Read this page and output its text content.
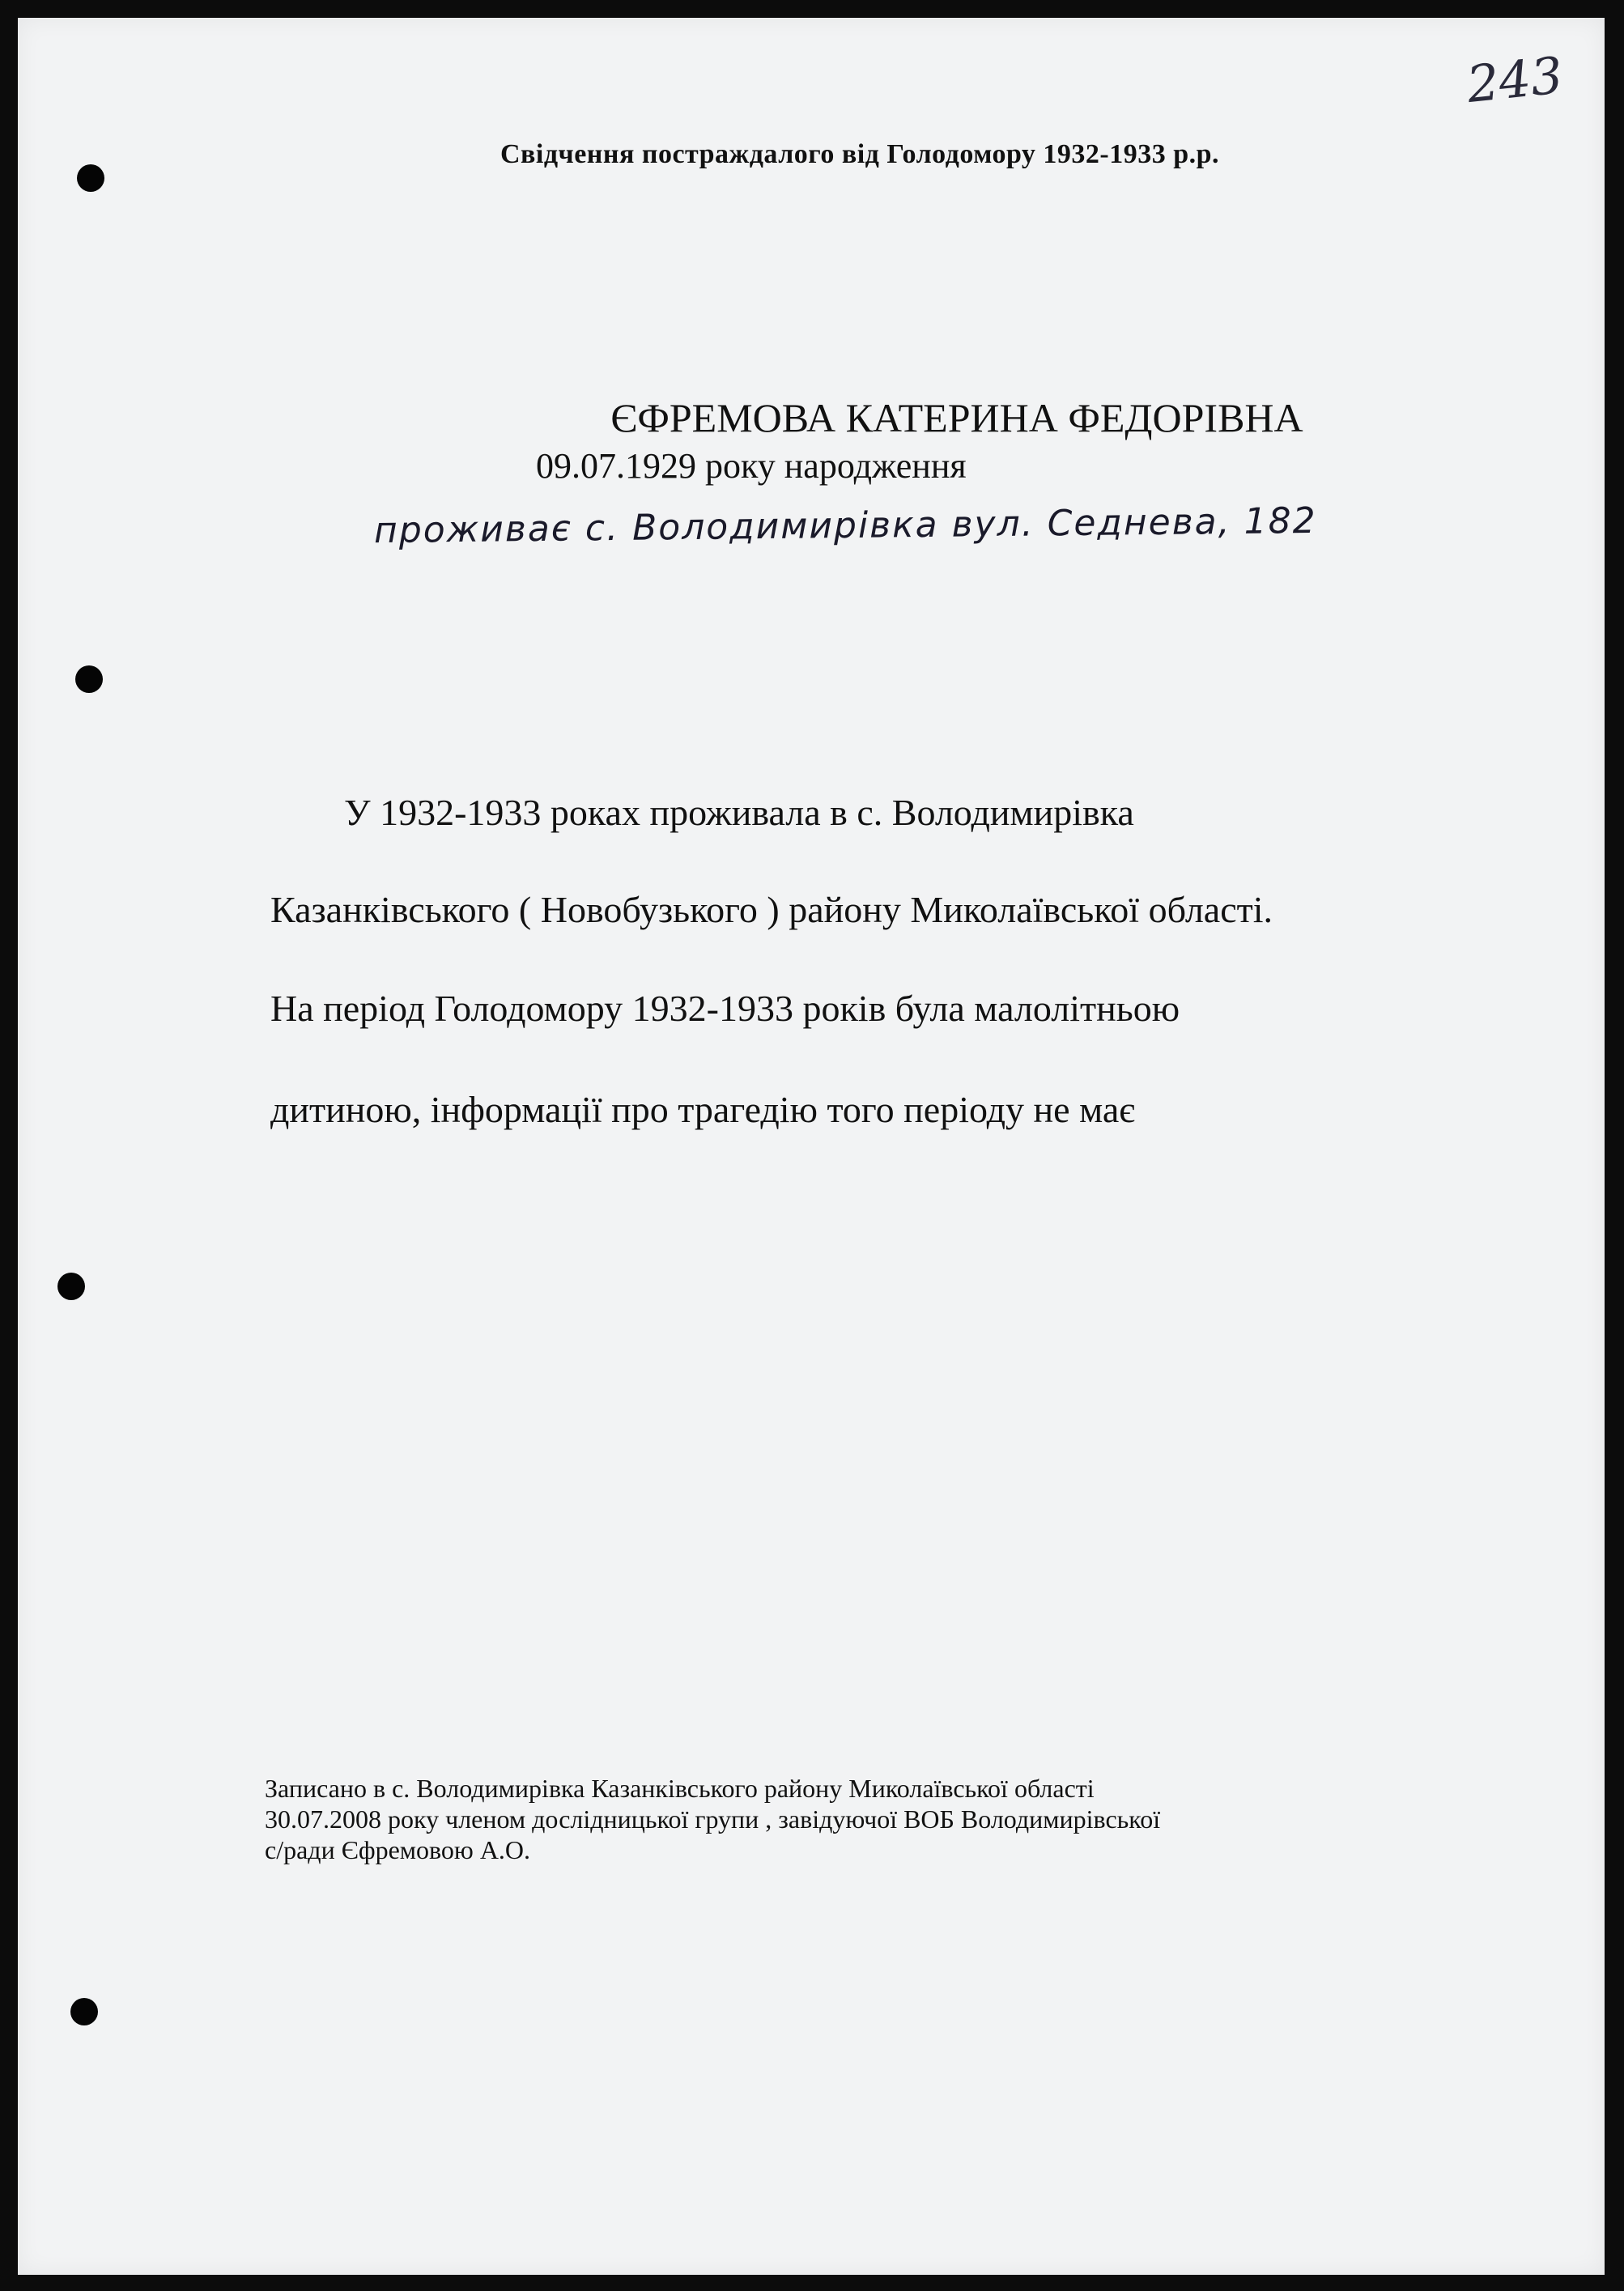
243
Свідчення постраждалого від Голодомору 1932-1933 р.р.
ЄФРЕМОВА КАТЕРИНА ФЕДОРІВНА
09.07.1929 року народження
проживає с. Володимирівка вул. Седнева, 182
У 1932-1933 роках проживала в с. Володимирівка
Казанківського ( Новобузького ) району Миколаївської області.
На період Голодомору 1932-1933 років була малолітньою
дитиною, інформації про трагедію того періоду не має
Записано в с. Володимирівка Казанківського району Миколаївської області
30.07.2008 року членом дослідницької групи , завідуючої ВОБ Володимирівської
с/ради Єфремовою А.О.
